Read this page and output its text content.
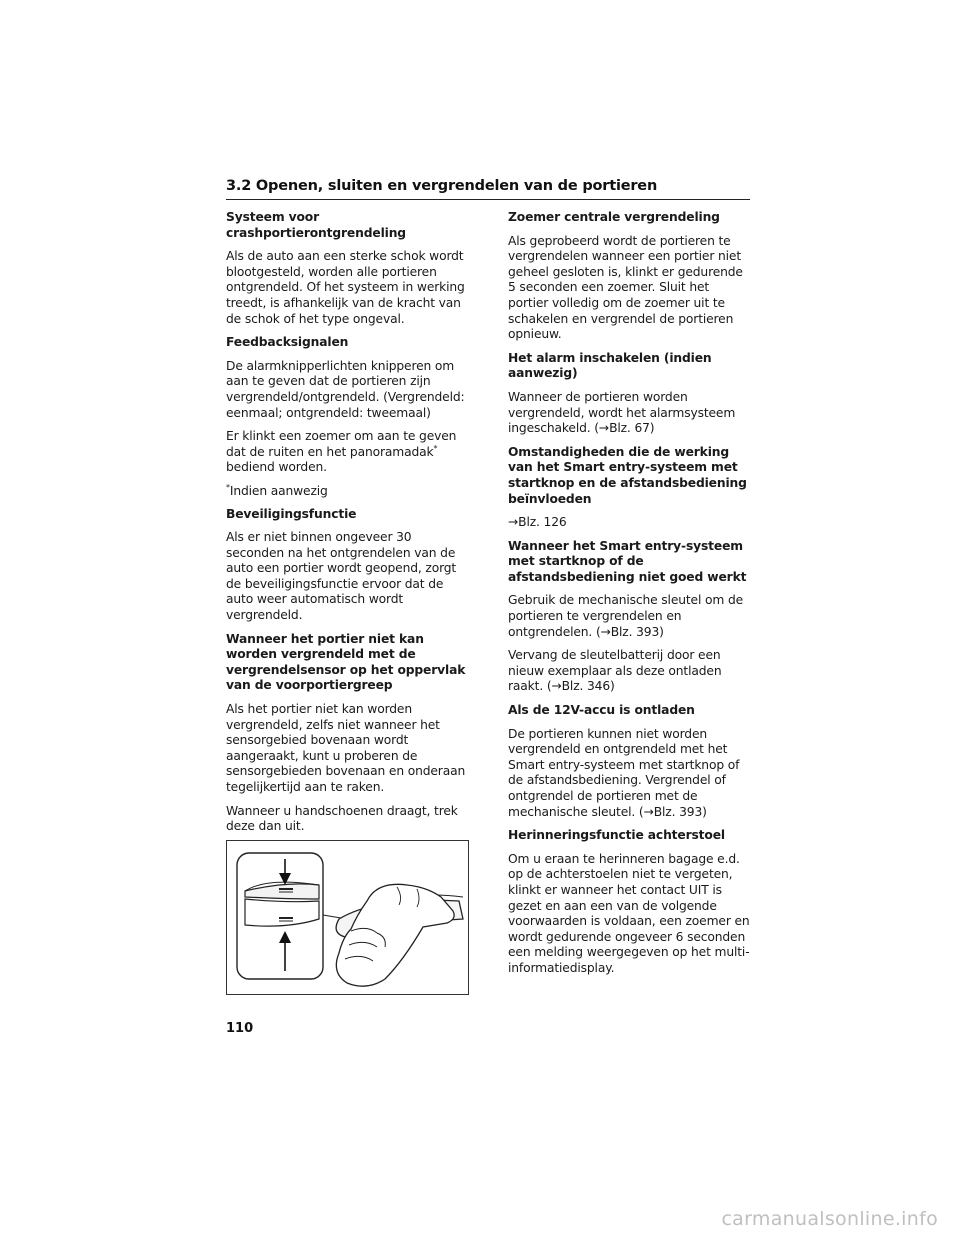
3.2 Openen, sluiten en vergrendelen van de portieren
Systeem voor crashportierontgrendeling

Als de auto aan een sterke schok wordt blootgesteld, worden alle portieren ontgrendeld. Of het systeem in werking treedt, is afhankelijk van de kracht van de schok of het type ongeval.

Feedbacksignalen

De alarmknipperlichten knipperen om aan te geven dat de portieren zijn vergrendeld/ontgrendeld. (Vergrendeld: eenmaal; ontgrendeld: tweemaal)

Er klinkt een zoemer om aan te geven dat de ruiten en het panoramadak* bediend worden.

*Indien aanwezig

Beveiligingsfunctie

Als er niet binnen ongeveer 30 seconden na het ontgrendelen van de auto een portier wordt geopend, zorgt de beveiligingsfunctie ervoor dat de auto weer automatisch wordt vergrendeld.

Wanneer het portier niet kan worden vergrendeld met de vergrendelsensor op het oppervlak van de voorportiergreep

Als het portier niet kan worden vergrendeld, zelfs niet wanneer het sensorgebied bovenaan wordt aangeraakt, kunt u proberen de sensorgebieden bovenaan en onderaan tegelijkertijd aan te raken.

Wanneer u handschoenen draagt, trek deze dan uit.

Zoemer centrale vergrendeling

Als geprobeerd wordt de portieren te vergrendelen wanneer een portier niet geheel gesloten is, klinkt er gedurende 5 seconden een zoemer. Sluit het portier volledig om de zoemer uit te schakelen en vergrendel de portieren opnieuw.

Het alarm inschakelen (indien aanwezig)

Wanneer de portieren worden vergrendeld, wordt het alarmsysteem ingeschakeld. (→Blz. 67)

Omstandigheden die de werking van het Smart entry-systeem met startknop en de afstandsbediening beïnvloeden

→Blz. 126

Wanneer het Smart entry-systeem met startknop of de afstandsbediening niet goed werkt

Gebruik de mechanische sleutel om de portieren te vergrendelen en ontgrendelen. (→Blz. 393)

Vervang de sleutelbatterij door een nieuw exemplaar als deze ontladen raakt. (→Blz. 346)

Als de 12V-accu is ontladen

De portieren kunnen niet worden vergrendeld en ontgrendeld met het Smart entry-systeem met startknop of de afstandsbediening. Vergrendel of ontgrendel de portieren met de mechanische sleutel. (→Blz. 393)

Herinneringsfunctie achterstoel

Om u eraan te herinneren bagage e.d. op de achterstoelen niet te vergeten, klinkt er wanneer het contact UIT is gezet en aan een van de volgende voorwaarden is voldaan, een zoemer en wordt gedurende ongeveer 6 seconden een melding weergegeven op het multi-informatiedisplay.

110
carmanualsonline.info
